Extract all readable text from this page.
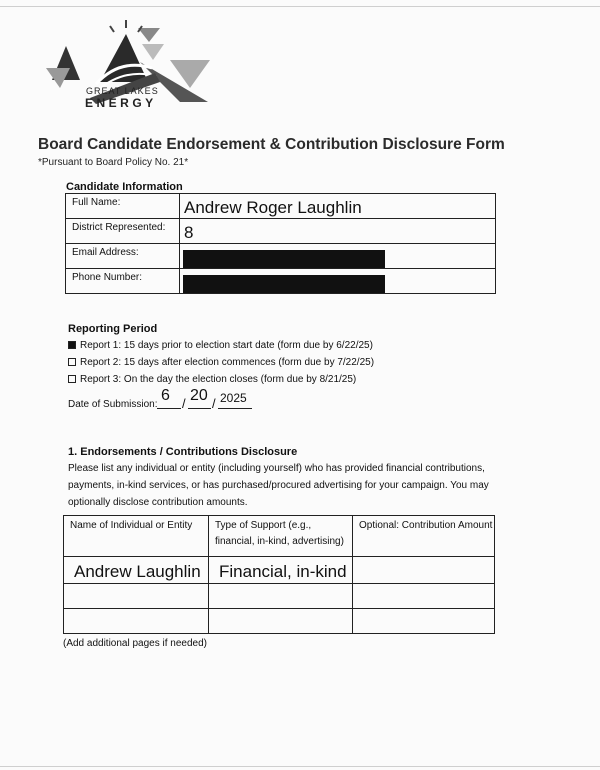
GREAT LAKES
ENERGY
Board Candidate Endorsement & Contribution Disclosure Form
*Pursuant to Board Policy No. 21*
Candidate Information
Full Name:	Andrew Roger Laughlin
District Represented:	8
Email Address:	

Phone Number:	
Reporting Period
Report 1: 15 days prior to election start date (form due by 6/22/25)
Report 2: 15 days after election commences (form due by 7/22/25)
Report 3: On the day the election closes (form due by 8/21/25)
Date of Submission:
6 / 20 / 2025
1. Endorsements / Contributions Disclosure
Please list any individual or entity (including yourself) who has provided financial contributions, payments, in-kind services, or has purchased/procured advertising for your campaign. You may optionally disclose contribution amounts.
Name of Individual or Entity	Type of Support (e.g., financial, in-kind, advertising)	Optional: Contribution Amount
Andrew Laughlin	Financial, in-kind	

(Add additional pages if needed)
